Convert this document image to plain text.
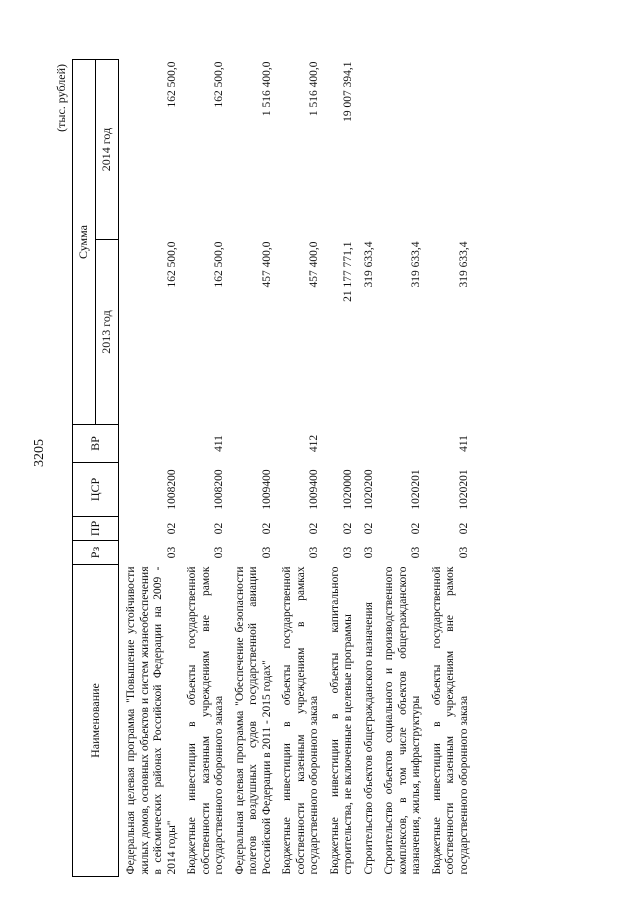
3205
(тыс. рублей)
Наименование	Рз	ПР	ЦСР	ВР	Сумма	
					2013 год	2014 год
Федеральная целевая программа "Повышение устойчивости жилых домов, основных объектов и систем жизнеобеспечения в сейсмических районах Российской Федерации на 2009 - 2014 годы"	03	02	1008200		162 500,0	162 500,0
Бюджетные инвестиции в объекты государственной собственности казенным учреждениям вне рамок государственного оборонного заказа	03	02	1008200	411	162 500,0	162 500,0
Федеральная целевая программа "Обеспечение безопасности полетов воздушных судов государственной авиации Российской Федерации в 2011 - 2015 годах"	03	02	1009400		457 400,0	1 516 400,0
Бюджетные инвестиции в объекты государственной собственности казенным учреждениям в рамках государственного оборонного заказа	03	02	1009400	412	457 400,0	1 516 400,0
Бюджетные инвестиции в объекты капитального строительства, не включенные в целевые программы	03	02	1020000		21 177 771,1	19 007 394,1
Строительство объектов общегражданского назначения	03	02	1020200		319 633,4	
Строительство объектов социального и производственного комплексов, в том числе объектов общегражданского назначения, жилья, инфраструктуры	03	02	1020201		319 633,4	
Бюджетные инвестиции в объекты государственной собственности казенным учреждениям вне рамок государственного оборонного заказа	03	02	1020201	411	319 633,4	
